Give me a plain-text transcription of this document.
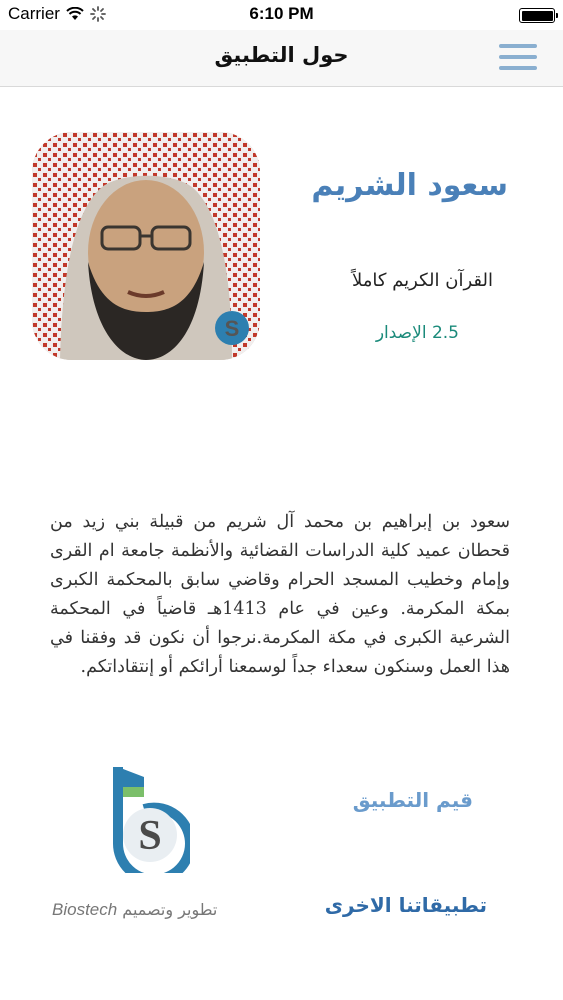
Carrier	6:10 PM
حول التطبيق
S
سعود الشريم
القرآن الكريم كاملاً
2.5 الإصدار
سعود بن إبراهيم بن محمد آل شريم من قبيلة بني زيد من قحطان عميد كلية الدراسات القضائية والأنظمة جامعة ام القرى وإمام وخطيب المسجد الحرام وقاضي سابق بالمحكمة الكبرى بمكة المكرمة. وعين في عام 1413هـ قاضياً في المحكمة الشرعية الكبرى في مكة المكرمة.نرجوا أن نكون قد وفقنا في هذا العمل وسنكون سعداء جداً لوسمعنا أرائكم أو إنتقاداتكم.
S
Biostech تطوير وتصميم
قيم التطبيق
تطبيقاتنا الاخرى
